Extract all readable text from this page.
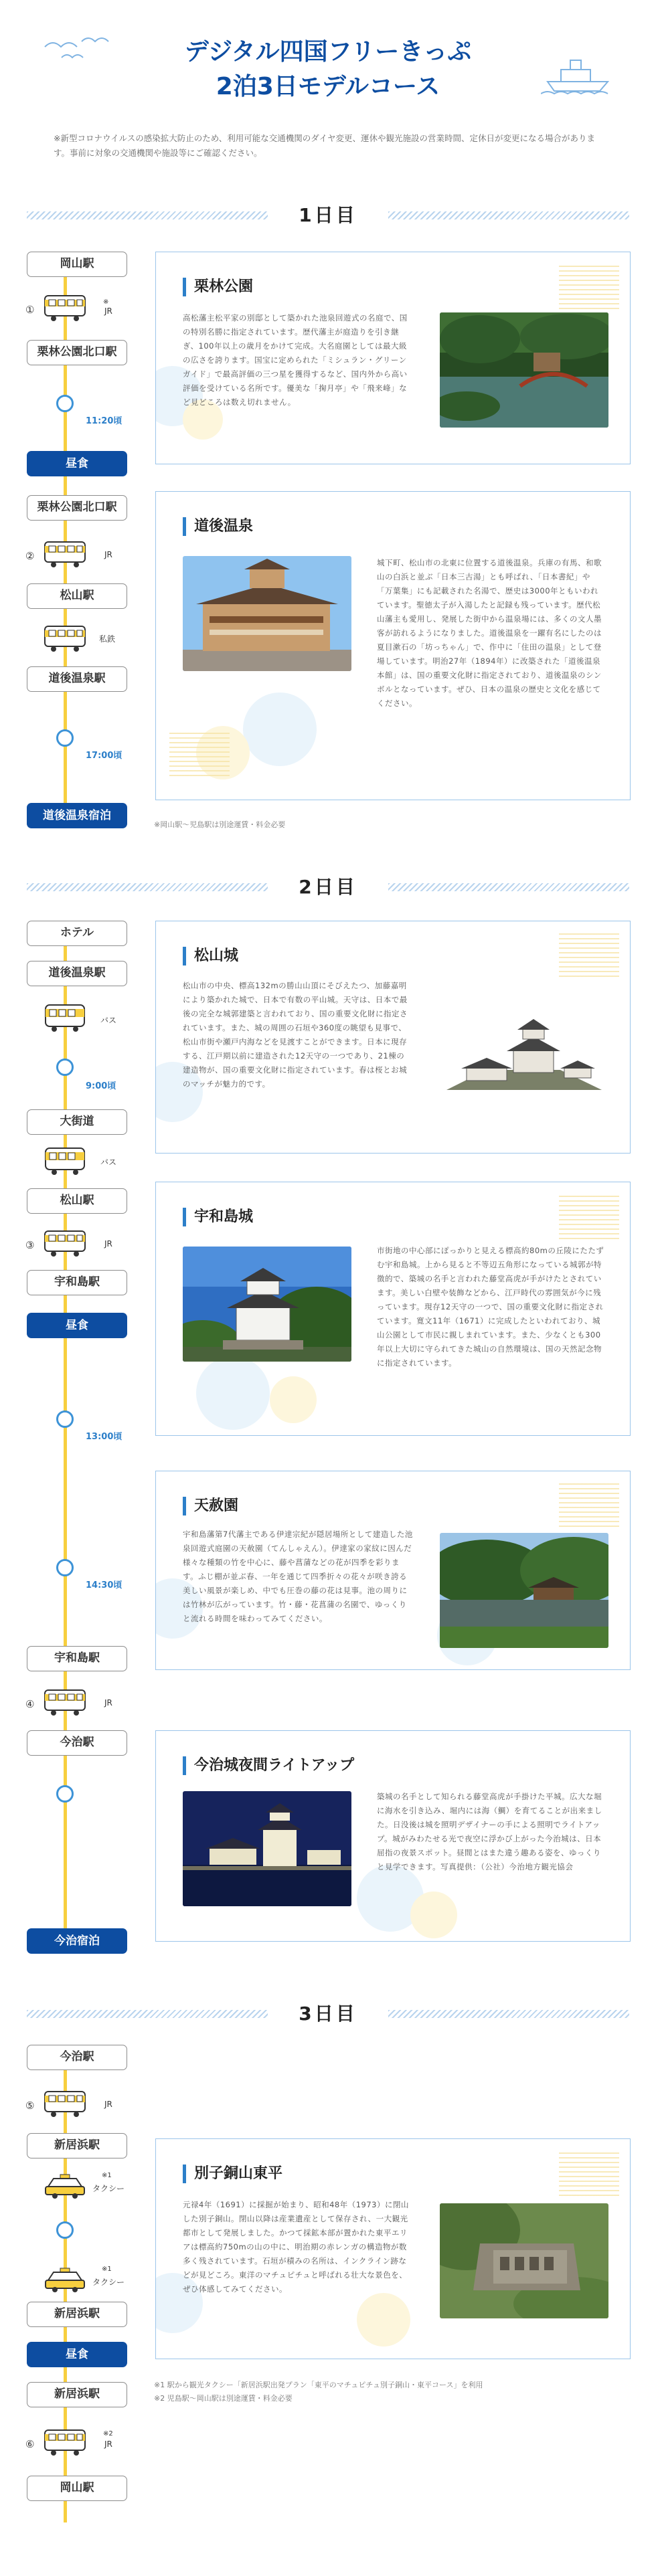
デジタル四国フリーきっぷ
2泊3日モデルコース
※新型コロナウイルスの感染拡大防止のため、利用可能な交通機関のダイヤ変更、運休や観光施設の営業時間、定休日が変更になる場合があります。事前に対象の交通機関や施設等にご確認ください。
1日目
岡山駅
①
※
JR
栗林公園北口駅
11:20頃
昼食
栗林公園北口駅
②	JR
松山駅
私鉄
道後温泉駅
17:00頃
道後温泉宿泊
※岡山駅〜児島駅は別途運賃・料金必要
栗林公園
高松藩主松平家の別邸として築かれた池泉回遊式の名庭で、国の特別名勝に指定されています。歴代藩主が庭造りを引き継ぎ、100年以上の歳月をかけて完成。大名庭園としては最大級の広さを誇ります。国宝に定められた「ミシュラン・グリーンガイド」で最高評価の三つ星を獲得するなど、国内外から高い評価を受けている名所です。優美な「掬月亭」や「飛来峰」など見どころは数え切れません。
道後温泉
城下町、松山市の北東に位置する道後温泉。兵庫の有馬、和歌山の白浜と並ぶ「日本三古湯」とも呼ばれ、「日本書紀」や「万葉集」にも記載された名湯で、歴史は3000年ともいわれています。聖徳太子が入湯したと記録も残っています。歴代松山藩主も愛用し、発展した街中から温泉場には、多くの文人墨客が訪れるようになりました。道後温泉を一躍有名にしたのは夏目漱石の「坊っちゃん」で、作中に「住田の温泉」として登場しています。明治27年（1894年）に改築された「道後温泉本館」は、国の重要文化財に指定されており、道後温泉のシンボルとなっています。ぜひ、日本の温泉の歴史と文化を感じてください。
2日目
ホテル
道後温泉駅
バス
9:00頃
大街道
バス
松山駅
③	JR
宇和島駅
昼食
13:00頃
14:30頃
宇和島駅
④	JR
今治駅
今治宿泊
松山城
松山市の中央、標高132mの勝山山頂にそびえたつ、加藤嘉明により築かれた城で、日本で有数の平山城。天守は、日本で最後の完全な城郭建築と言われており、国の重要文化財に指定されています。また、城の周囲の石垣や360度の眺望も見事で、松山市街や瀬戸内海などを見渡すことができます。日本に現存する、江戸期以前に建造された12天守の一つであり、21棟の建造物が、国の重要文化財に指定されています。春は桜とお城のマッチが魅力的です。
宇和島城
市街地の中心部にぽっかりと見える標高約80mの丘陵にたたずむ宇和島城。上から見ると不等辺五角形になっている城郭が特徴的で、築城の名手と言われた藤堂高虎が手がけたとされています。美しい白壁や装飾などから、江戸時代の雰囲気が今に残っています。現存12天守の一つで、国の重要文化財に指定されています。寛文11年（1671）に完成したといわれており、城山公園として市民に親しまれています。また、少なくとも300年以上大切に守られてきた城山の自然環境は、国の天然記念物に指定されています。
天赦園
宇和島藩第7代藩主である伊達宗紀が隠居場所として建造した池泉回遊式庭園の天赦園（てんしゃえん）。伊達家の家紋に因んだ様々な種類の竹を中心に、藤や菖蒲などの花が四季を彩ります。ふじ棚が並ぶ春、一年を通じて四季折々の花々が咲き誇る美しい風景が楽しめ、中でも圧巻の藤の花は見事。池の周りには竹林が広がっています。竹・藤・花菖蒲の名園で、ゆっくりと流れる時間を味わってみてください。
今治城夜間ライトアップ
築城の名手として知られる藤堂高虎が手掛けた平城。広大な堀に海水を引き込み、堀内には海（鯛）を育てることが出来ました。日没後は城を照明デザイナーの手による照明でライトアップ。城がみわたせる光で夜空に浮かび上がった今治城は、日本屈指の夜景スポット。昼間とはまた違う趣ある姿を、ゆっくりと見学できます。写真提供：（公社）今治地方観光協会
3日目
今治駅
⑤	JR
新居浜駅
※1
タクシー
※1
タクシー
新居浜駅
昼食
新居浜駅
⑥
※2
JR
岡山駅
別子銅山東平
元禄4年（1691）に採掘が始まり、昭和48年（1973）に閉山した別子銅山。閉山以降は産業遺産として保存され、一大観光都市として発展しました。かつて採鉱本部が置かれた東平エリアは標高約750mの山の中に、明治期の赤レンガの構造物が数多く残されています。石垣が積みの名所は、インクライン跡などが見どころ。東洋のマチュピチュと呼ばれる壮大な景色を、ぜひ体感してみてください。
※1 駅から観光タクシー「新居浜駅出発プラン「東平のマチュピチュ別子銅山・東平コース」を利用
※2 児島駅〜岡山駅は別途運賃・料金必要
